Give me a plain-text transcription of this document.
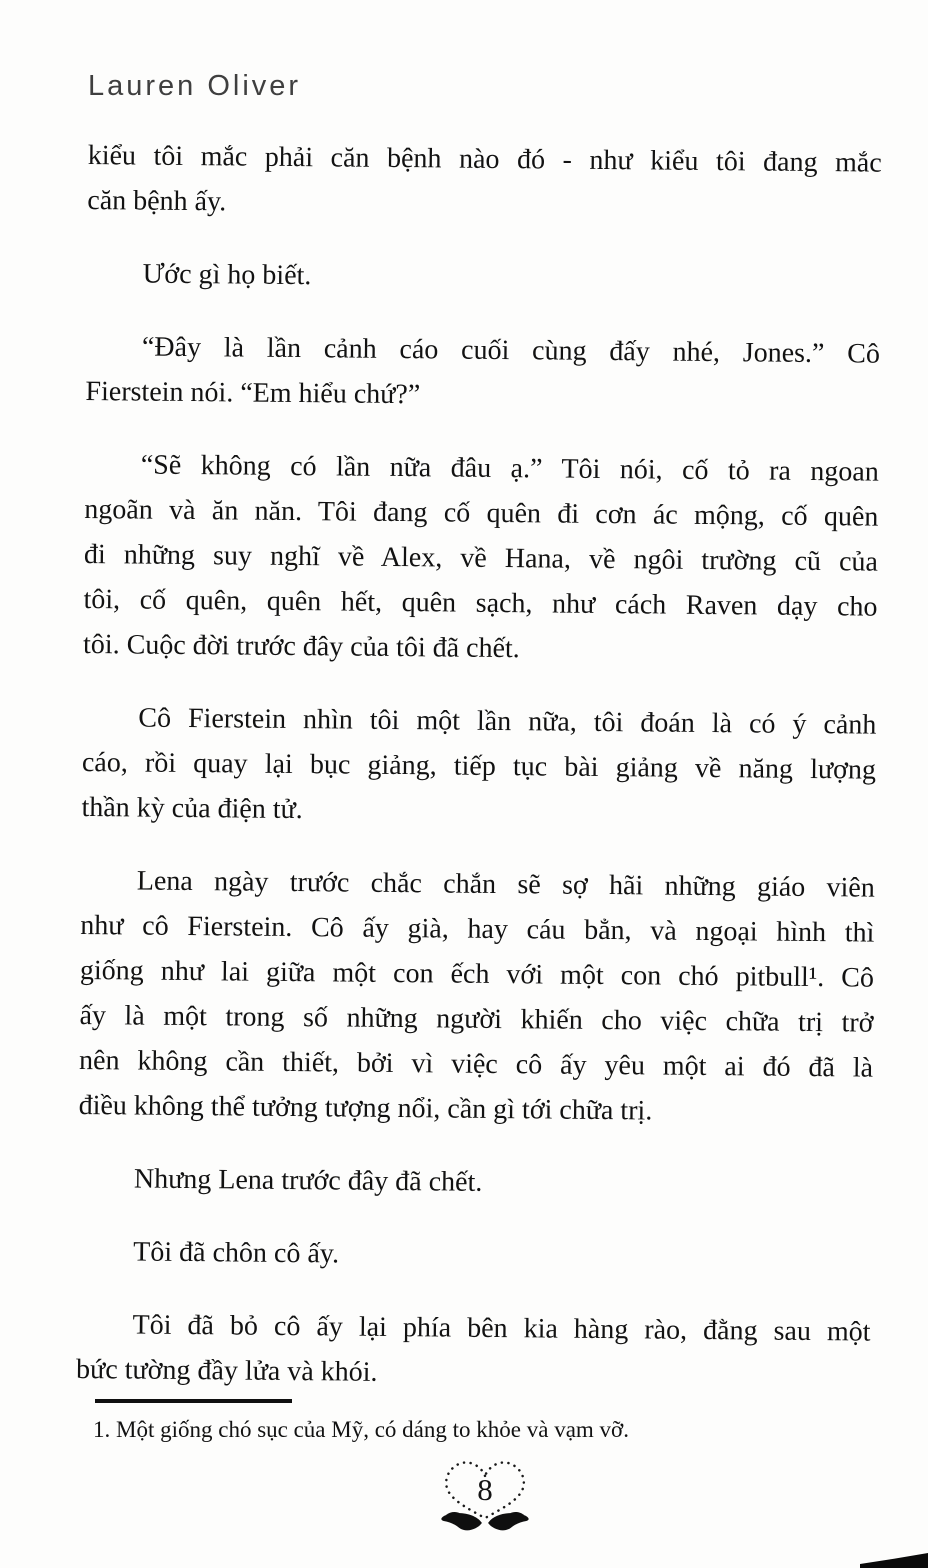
Lauren Oliver

kiểu tôi mắc phải căn bệnh nào đó - như kiểu tôi đang mắc
căn bệnh ấy.

Ước gì họ biết.

“Đây là lần cảnh cáo cuối cùng đấy nhé, Jones.” Cô
Fierstein nói. “Em hiểu chứ?”

“Sẽ không có lần nữa đâu ạ.” Tôi nói, cố tỏ ra ngoan
ngoãn và ăn năn. Tôi đang cố quên đi cơn ác mộng, cố quên
đi những suy nghĩ về Alex, về Hana, về ngôi trường cũ của
tôi, cố quên, quên hết, quên sạch, như cách Raven dạy cho
tôi. Cuộc đời trước đây của tôi đã chết.

Cô Fierstein nhìn tôi một lần nữa, tôi đoán là có ý cảnh
cáo, rồi quay lại bục giảng, tiếp tục bài giảng về năng lượng
thần kỳ của điện tử.

Lena ngày trước chắc chắn sẽ sợ hãi những giáo viên
như cô Fierstein. Cô ấy già, hay cáu bẳn, và ngoại hình thì
giống như lai giữa một con ếch với một con chó pitbull¹. Cô
ấy là một trong số những người khiến cho việc chữa trị trở
nên không cần thiết, bởi vì việc cô ấy yêu một ai đó đã là
điều không thể tưởng tượng nổi, cần gì tới chữa trị.

Nhưng Lena trước đây đã chết.

Tôi đã chôn cô ấy.

Tôi đã bỏ cô ấy lại phía bên kia hàng rào, đằng sau một
bức tường đầy lửa và khói.

1. Một giống chó sục của Mỹ, có dáng to khỏe và vạm vỡ.
8
